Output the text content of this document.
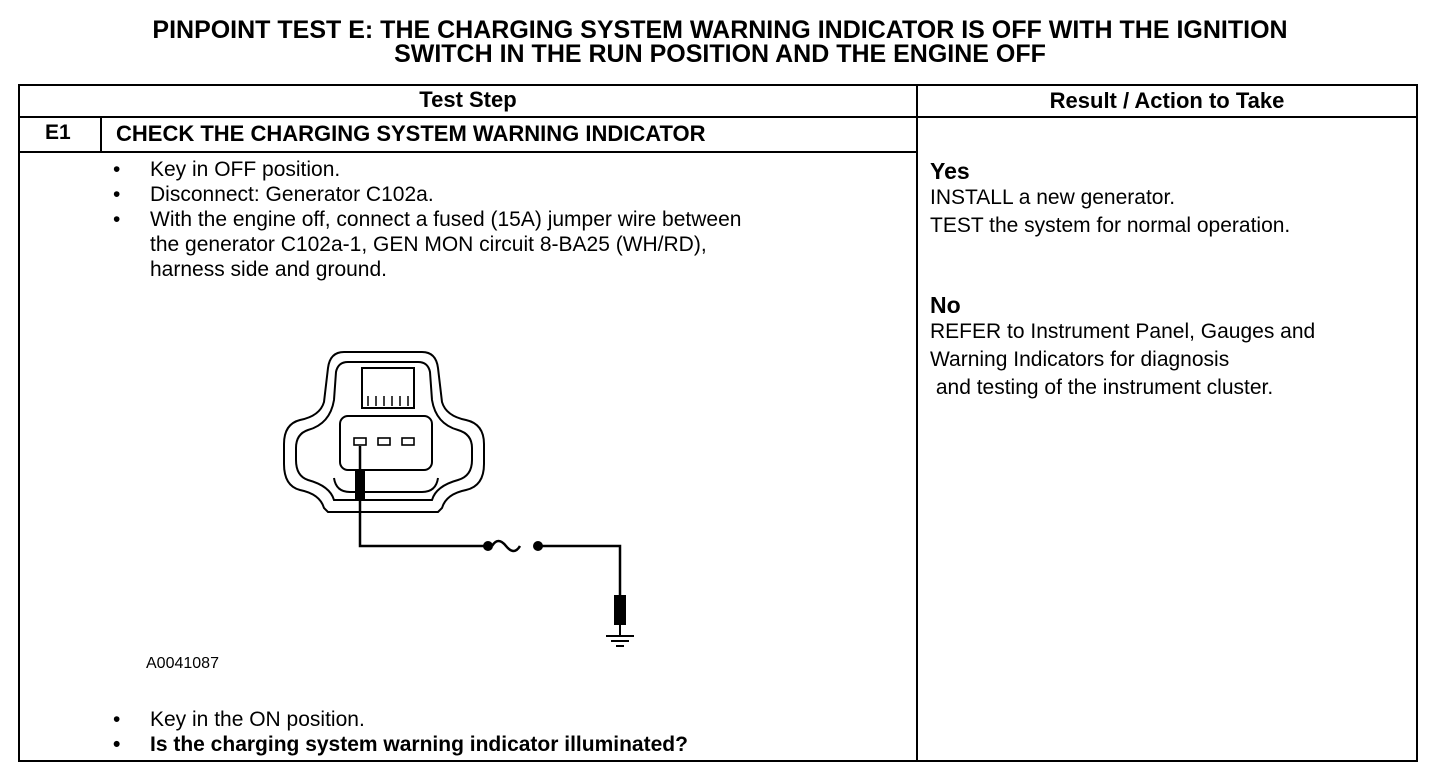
PINPOINT TEST E: THE CHARGING SYSTEM WARNING INDICATOR IS OFF WITH THE IGNITION
SWITCH IN THE RUN POSITION AND THE ENGINE OFF
Test Step	Result / Action to Take
E1 CHECK THE CHARGING SYSTEM WARNING INDICATOR
• Key in OFF position.
• Disconnect: Generator C102a.
• With the engine off, connect a fused (15A) jumper wire between
the generator C102a-1, GEN MON circuit 8-BA25 (WH/RD),
harness side and ground.
A0041087
• Key in the ON position.
• Is the charging system warning indicator illuminated?
Yes
INSTALL a new generator.
TEST the system for normal operation.
No
REFER to Instrument Panel, Gauges and
Warning Indicators for diagnosis
and testing of the instrument cluster.
